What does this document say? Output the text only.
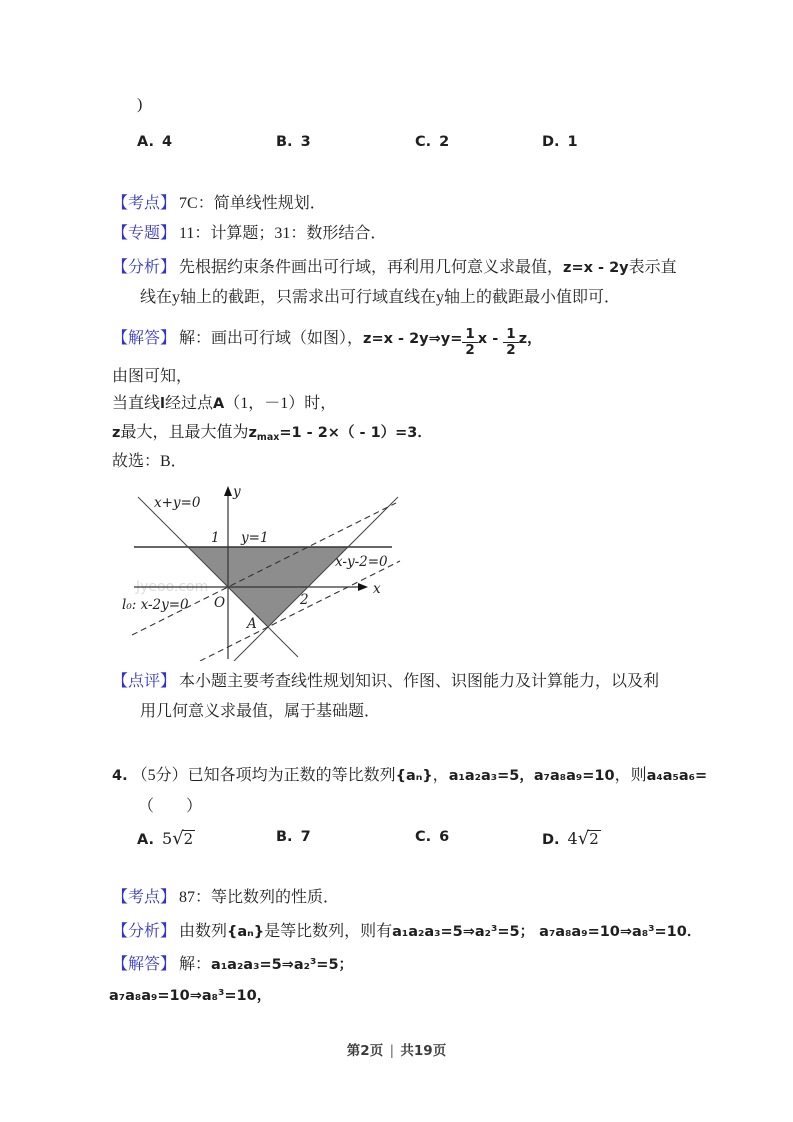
)
A. 4	B. 3	C. 2	D. 1
【考点】 7C：简单线性规划．
【专题】 11：计算题；31：数形结合．
【分析】 先根据约束条件画出可行域，再利用几何意义求最值，z=x - 2y表示直
线在y轴上的截距，只需求出可行域直线在y轴上的截距最小值即可．
【解答】 解：画出可行域（如图），z=x - 2y⇒y= $\frac{1}{2}$ x - $\frac{1}{2}$ z，
由图可知，
当直线l经过点A（1，－1）时，
z最大，且最大值为$z_{max}=1 - 2\times( - 1)=3$．
故选：B．
Jyeoo.com
x+y=0
y
1 y=1
x-y-2=0
x
2
O
A
l₀: x-2y=0
【点评】 本小题主要考查线性规划知识、作图、识图能力及计算能力，以及利
用几何意义求最值，属于基础题．
4. （5分）已知各项均为正数的等比数列{aₙ}，a₁a₂a₃=5，a₇a₈a₉=10，则a₄a₅a₆=
（　　）
A. 5√2	B. 7	C. 6	D. 4√2
【考点】 87：等比数列的性质．
【分析】 由数列{aₙ}是等比数列，则有a₁a₂a₃=5⇒a₂³=5； a₇a₈a₉=10⇒a₈³=10．
【解答】 解：a₁a₂a₃=5⇒a₂³=5；
a₇a₈a₉=10⇒a₈³=10，
第2页 | 共19页
